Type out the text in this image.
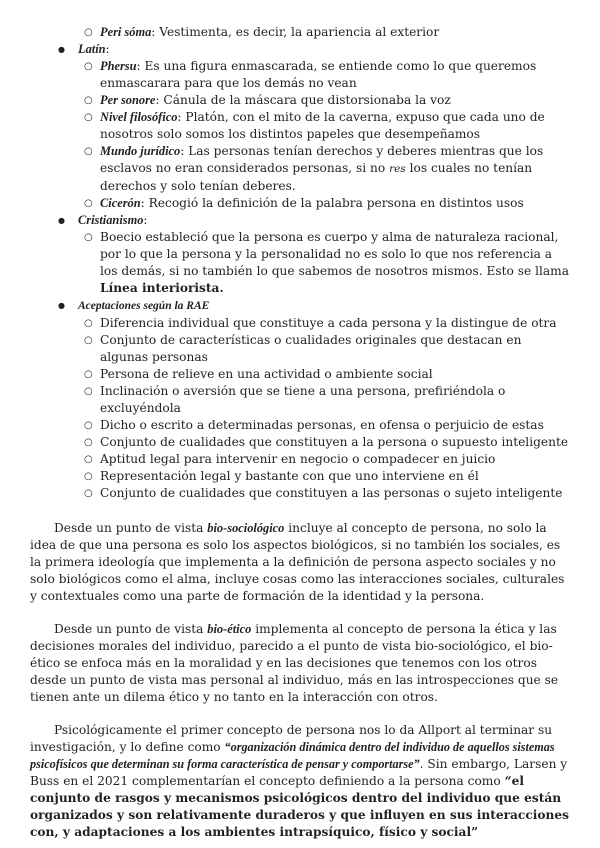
○ Peri sóma: Vestimenta, es decir, la apariencia al exterior
● Latín:
○ Phersu: Es una figura enmascarada, se entiende como lo que queremos enmascarara para que los demás no vean
○ Per sonore: Cánula de la máscara que distorsionaba la voz
○ Nivel filosófico: Platón, con el mito de la caverna, expuso que cada uno de nosotros solo somos los distintos papeles que desempeñamos
○ Mundo jurídico: Las personas tenían derechos y deberes mientras que los esclavos no eran considerados personas, si no res los cuales no tenían derechos y solo tenían deberes.
○ Cicerón: Recogió la definición de la palabra persona en distintos usos
● Cristianismo:
○ Boecio estableció que la persona es cuerpo y alma de naturaleza racional, por lo que la persona y la personalidad no es solo lo que nos referencia a los demás, si no también lo que sabemos de nosotros mismos. Esto se llama Línea interiorista.
● Aceptaciones según la RAE
○ Diferencia individual que constituye a cada persona y la distingue de otra
○ Conjunto de características o cualidades originales que destacan en algunas personas
○ Persona de relieve en una actividad o ambiente social
○ Inclinación o aversión que se tiene a una persona, prefiriéndola o excluyéndola
○ Dicho o escrito a determinadas personas, en ofensa o perjuicio de estas
○ Conjunto de cualidades que constituyen a la persona o supuesto inteligente
○ Aptitud legal para intervenir en negocio o compadecer en juicio
○ Representación legal y bastante con que uno interviene en él
○ Conjunto de cualidades que constituyen a las personas o sujeto inteligente

Desde un punto de vista bio-sociológico incluye al concepto de persona, no solo la idea de que una persona es solo los aspectos biológicos, si no también los sociales, es la primera ideología que implementa a la definición de persona aspecto sociales y no solo biológicos como el alma, incluye cosas como las interacciones sociales, culturales y contextuales como una parte de formación de la identidad y la persona.

Desde un punto de vista bio-ético implementa al concepto de persona la ética y las decisiones morales del individuo, parecido a el punto de vista bio-sociológico, el bio-ético se enfoca más en la moralidad y en las decisiones que tenemos con los otros desde un punto de vista mas personal al individuo, más en las introspecciones que se tienen ante un dilema ético y no tanto en la interacción con otros.

Psicológicamente el primer concepto de persona nos lo da Allport al terminar su investigación, y lo define como “organización dinámica dentro del individuo de aquellos sistemas psicofísicos que determinan su forma característica de pensar y comportarse”. Sin embargo, Larsen y Buss en el 2021 complementarían el concepto definiendo a la persona como “el conjunto de rasgos y mecanismos psicológicos dentro del individuo que están organizados y son relativamente duraderos y que influyen en sus interacciones con, y adaptaciones a los ambientes intrapsíquico, físico y social”
